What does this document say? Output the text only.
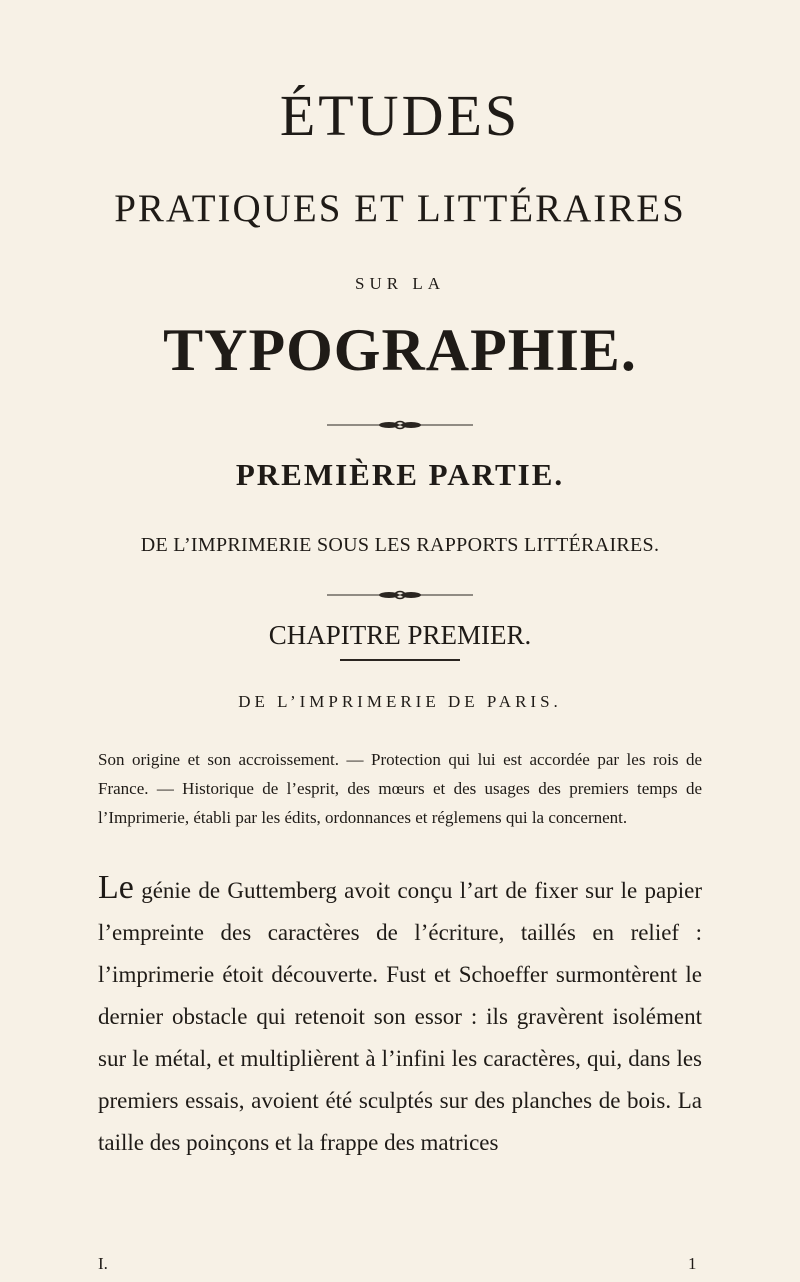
ÉTUDES
PRATIQUES ET LITTÉRAIRES
SUR LA
TYPOGRAPHIE.
PREMIÈRE PARTIE.
DE L’IMPRIMERIE SOUS LES RAPPORTS LITTÉRAIRES.
CHAPITRE PREMIER.
DE L’IMPRIMERIE DE PARIS.

Son origine et son accroissement. — Protection qui lui est accordée par les rois de France. — Historique de l’esprit, des mœurs et des usages des premiers temps de l’Imprimerie, établi par les édits, ordonnances et réglemens qui la concernent.

Le génie de Guttemberg avoit conçu l’art de fixer sur le papier l’empreinte des caractères de l’écriture, taillés en relief : l’imprimerie étoit découverte. Fust et Schoeffer surmontèrent le dernier obstacle qui retenoit son essor : ils gravèrent isolément sur le métal, et multiplièrent à l’infini les caractères, qui, dans les premiers essais, avoient été sculptés sur des planches de bois. La taille des poinçons et la frappe des matrices

I.	1
